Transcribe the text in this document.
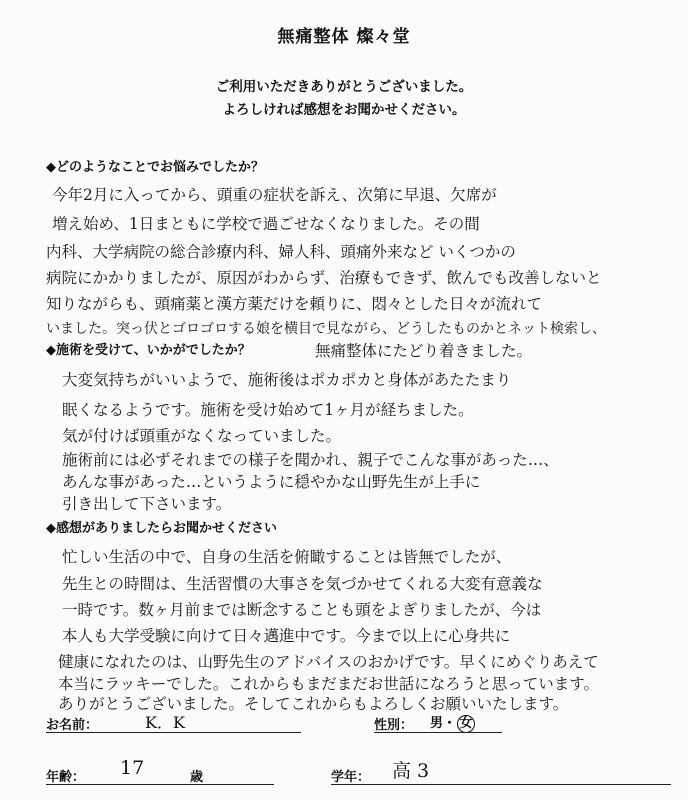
無痛整体 燦々堂
ご利用いただきありがとうございました。
よろしければ感想をお聞かせください。
◆どのようなことでお悩みでしたか？
今年2月に入ってから、頭重の症状を訴え、次第に早退、欠席が
増え始め、1日まともに学校で過ごせなくなりました。その間
内科、大学病院の総合診療内科、婦人科、頭痛外来など いくつかの
病院にかかりましたが、原因がわからず、治療もできず、飲んでも改善しないと
知りながらも、頭痛薬と漢方薬だけを頼りに、悶々とした日々が流れて
いました。突っ伏とゴロゴロする娘を横目で見ながら、どうしたものかとネット検索し、
無痛整体にたどり着きました。
◆施術を受けて、いかがでしたか？
大変気持ちがいいようで、施術後はポカポカと身体があたたまり
眠くなるようです。施術を受け始めて1ヶ月が経ちました。
気が付けば頭重がなくなっていました。
施術前には必ずそれまでの様子を聞かれ、親子でこんな事があった…、
あんな事があった…というように穏やかな山野先生が上手に
引き出して下さいます。
◆感想がありましたらお聞かせください
忙しい生活の中で、自身の生活を俯瞰することは皆無でしたが、
先生との時間は、生活習慣の大事さを気づかせてくれる大変有意義な
一時です。数ヶ月前までは断念することも頭をよぎりましたが、今は
本人も大学受験に向けて日々邁進中です。今まで以上に心身共に
健康になれたのは、山野先生のアドバイスのおかげです。早くにめぐりあえて
本当にラッキーでした。これからもまだまだお世話になろうと思っています。
ありがとうございました。そしてこれからもよろしくお願いいたします。
お名前：	K．K	性別： 男・ 女
年齢： 17	歳	学年： 高 3
